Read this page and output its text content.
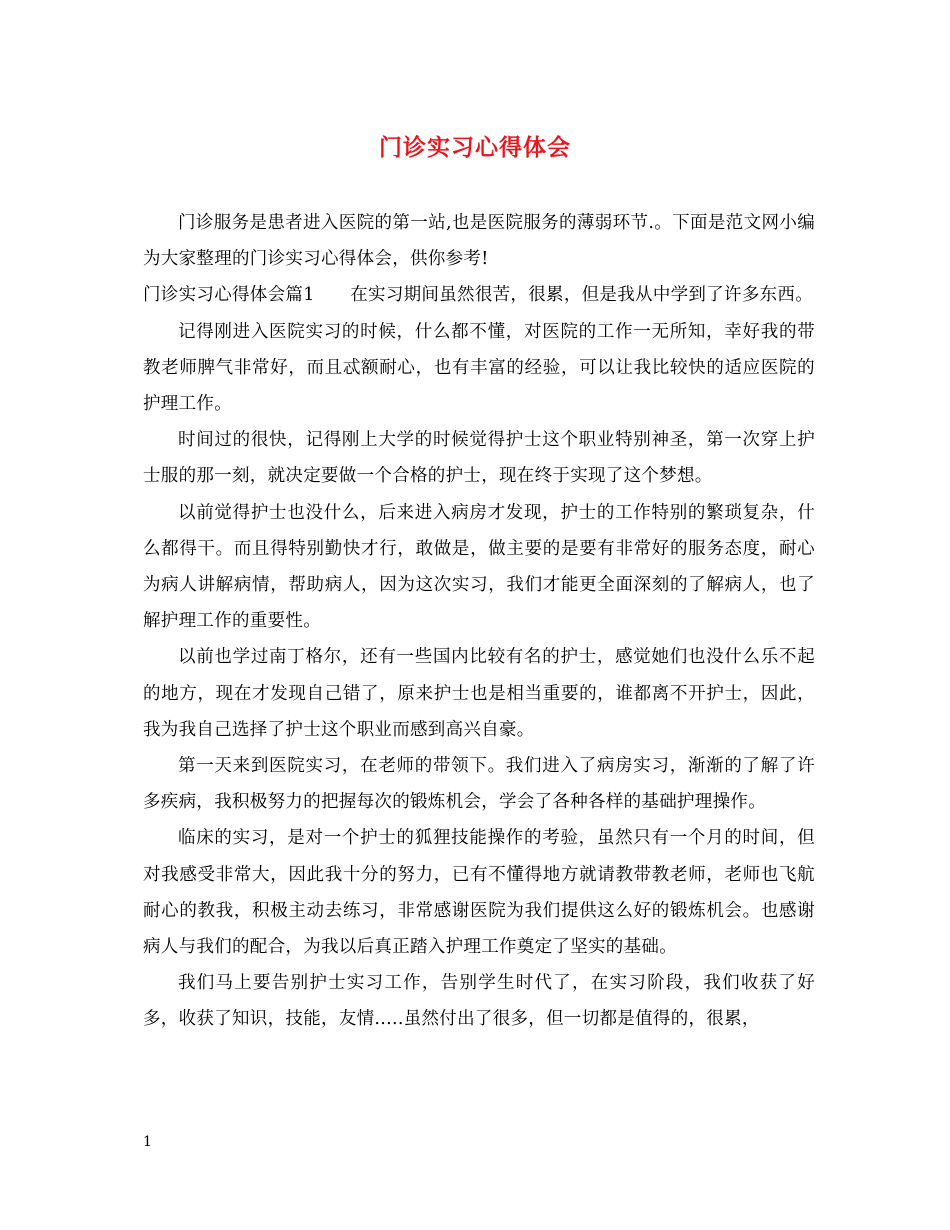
门诊实习心得体会

门诊服务是患者进入医院的第一站,也是医院服务的薄弱环节.。下面是范文网小编为大家整理的门诊实习心得体会，供你参考!

门诊实习心得体会篇1　　在实习期间虽然很苦，很累，但是我从中学到了许多东西。

记得刚进入医院实习的时候，什么都不懂，对医院的工作一无所知，幸好我的带教老师脾气非常好，而且忒额耐心，也有丰富的经验，可以让我比较快的适应医院的护理工作。

时间过的很快，记得刚上大学的时候觉得护士这个职业特别神圣，第一次穿上护士服的那一刻，就决定要做一个合格的护士，现在终于实现了这个梦想。

以前觉得护士也没什么，后来进入病房才发现，护士的工作特别的繁琐复杂，什么都得干。而且得特别勤快才行，敢做是，做主要的是要有非常好的服务态度，耐心为病人讲解病情，帮助病人，因为这次实习，我们才能更全面深刻的了解病人，也了解护理工作的重要性。

以前也学过南丁格尔，还有一些国内比较有名的护士，感觉她们也没什么乐不起的地方，现在才发现自己错了，原来护士也是相当重要的，谁都离不开护士，因此，我为我自己选择了护士这个职业而感到高兴自豪。

第一天来到医院实习，在老师的带领下。我们进入了病房实习，渐渐的了解了许多疾病，我积极努力的把握每次的锻炼机会，学会了各种各样的基础护理操作。

临床的实习，是对一个护士的狐狸技能操作的考验，虽然只有一个月的时间，但对我感受非常大，因此我十分的努力，已有不懂得地方就请教带教老师，老师也飞航耐心的教我，积极主动去练习，非常感谢医院为我们提供这么好的锻炼机会。也感谢病人与我们的配合，为我以后真正踏入护理工作奠定了坚实的基础。

我们马上要告别护士实习工作，告别学生时代了，在实习阶段，我们收获了好多，收获了知识，技能，友情.....虽然付出了很多，但一切都是值得的，很累，

1
